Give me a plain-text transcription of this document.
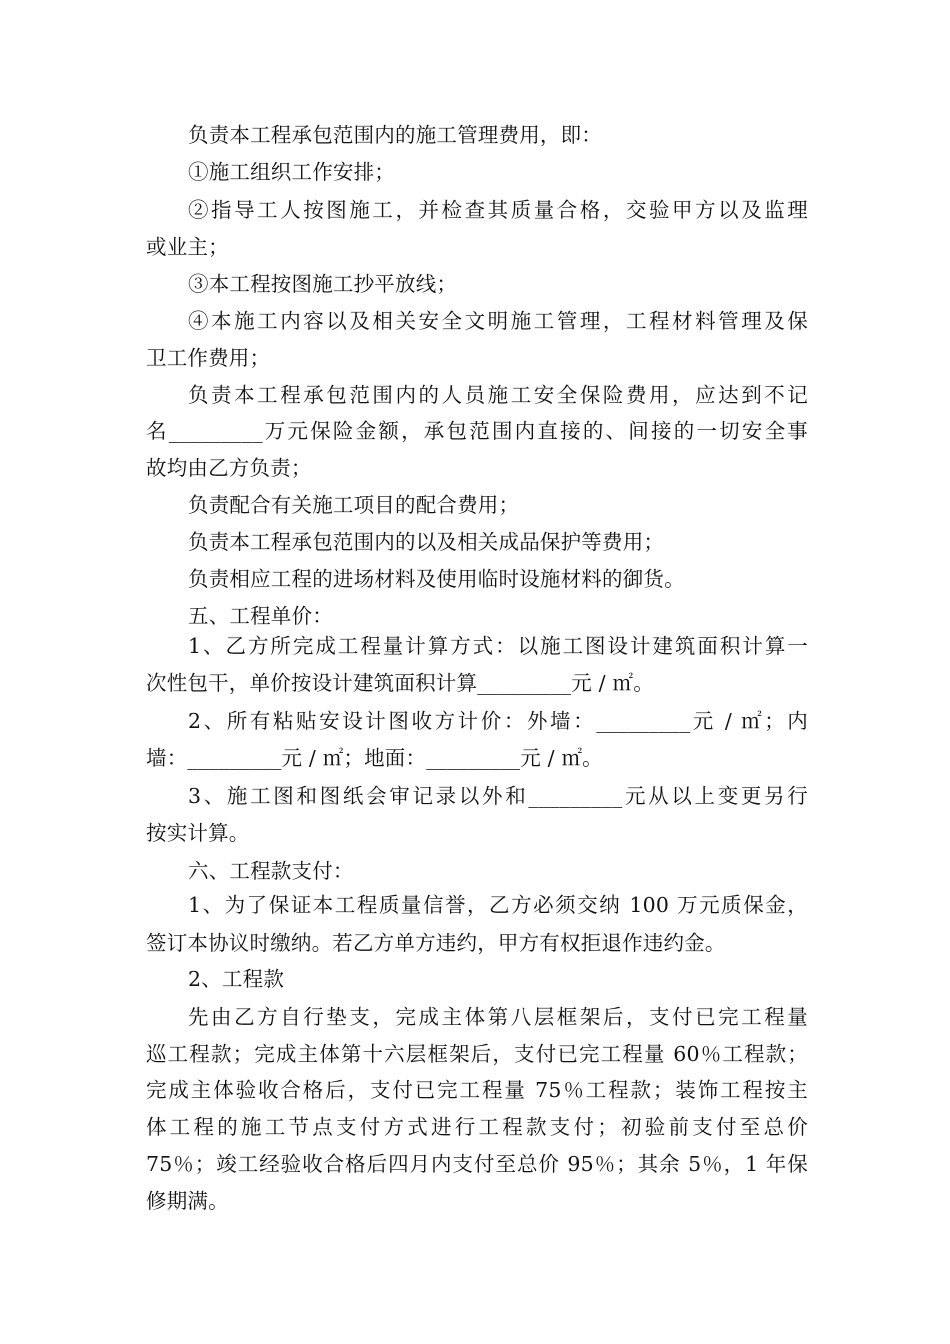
负责本工程承包范围内的施工管理费用，即：
①施工组织工作安排；
②指导工人按图施工，并检查其质量合格，交验甲方以及监理
或业主；
③本工程按图施工抄平放线；
④本施工内容以及相关安全文明施工管理，工程材料管理及保
卫工作费用；
负责本工程承包范围内的人员施工安全保险费用，应达到不记
名_________万元保险金额，承包范围内直接的、间接的一切安全事
故均由乙方负责；
负责配合有关施工项目的配合费用；
负责本工程承包范围内的以及相关成品保护等费用；
负责相应工程的进场材料及使用临时设施材料的御货。
五、工程单价：
1、乙方所完成工程量计算方式：以施工图设计建筑面积计算一
次性包干，单价按设计建筑面积计算_________元 / ㎡。
2、所有粘贴安设计图收方计价：外墙：_________元 / ㎡；内
墙：_________元 / ㎡；地面：_________元 / ㎡。
3、施工图和图纸会审记录以外和_________元从以上变更另行
按实计算。
六、工程款支付：
1、为了保证本工程质量信誉，乙方必须交纳 100 万元质保金，
签订本协议时缴纳。若乙方单方违约，甲方有权拒退作违约金。
2、工程款
先由乙方自行垫支，完成主体第八层框架后，支付已完工程量
巡工程款；完成主体第十六层框架后，支付已完工程量 60％工程款；
完成主体验收合格后，支付已完工程量 75％工程款；装饰工程按主
体工程的施工节点支付方式进行工程款支付；初验前支付至总价
75％；竣工经验收合格后四月内支付至总价 95％；其余 5％，1 年保
修期满。
